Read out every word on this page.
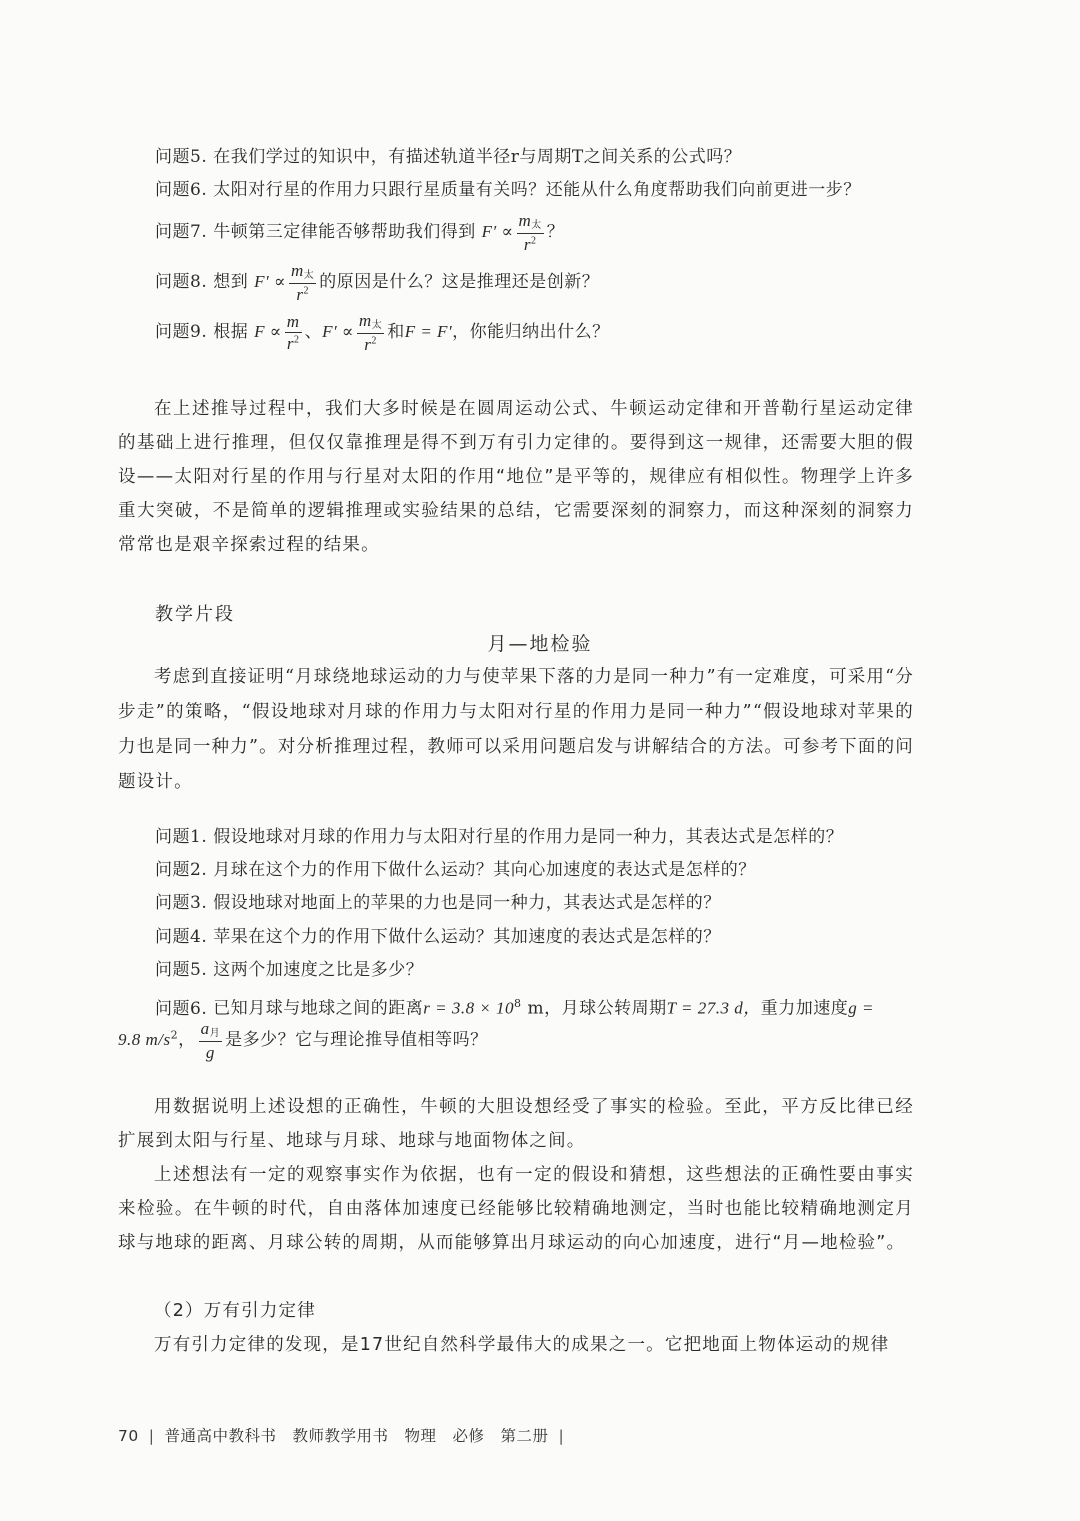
问题5. 在我们学过的知识中，有描述轨道半径r与周期T之间关系的公式吗？
问题6. 太阳对行星的作用力只跟行星质量有关吗？还能从什么角度帮助我们向前更进一步？
问题7. 牛顿第三定律能否够帮助我们得到 $F' \propto \frac{m_太}{r^2}$ ？
问题8. 想到 $F' \propto \frac{m_太}{r^2}$ 的原因是什么？这是推理还是创新？
问题9. 根据 $F \propto \frac{m}{r^2}$ 、$F' \propto \frac{m_太}{r^2}$ 和F = F′，你能归纳出什么？
在上述推导过程中，我们大多时候是在圆周运动公式、牛顿运动定律和开普勒行星运动定律的基础上进行推理，但仅仅靠推理是得不到万有引力定律的。要得到这一规律，还需要大胆的假设——太阳对行星的作用与行星对太阳的作用“地位”是平等的，规律应有相似性。物理学上许多重大突破，不是简单的逻辑推理或实验结果的总结，它需要深刻的洞察力，而这种深刻的洞察力常常也是艰辛探索过程的结果。
教学片段
月—地检验
考虑到直接证明“月球绕地球运动的力与使苹果下落的力是同一种力”有一定难度，可采用“分步走”的策略，“假设地球对月球的作用力与太阳对行星的作用力是同一种力”“假设地球对苹果的力也是同一种力”。对分析推理过程，教师可以采用问题启发与讲解结合的方法。可参考下面的问题设计。
问题1. 假设地球对月球的作用力与太阳对行星的作用力是同一种力，其表达式是怎样的？
问题2. 月球在这个力的作用下做什么运动？其向心加速度的表达式是怎样的？
问题3. 假设地球对地面上的苹果的力也是同一种力，其表达式是怎样的？
问题4. 苹果在这个力的作用下做什么运动？其加速度的表达式是怎样的？
问题5. 这两个加速度之比是多少？
问题6. 已知月球与地球之间的距离$r = 3.8 \times 10^8$ m，月球公转周期T = 27.3 d，重力加速度g =
9.8 $m/s^2$， $\frac{a_月}{g}$ 是多少？它与理论推导值相等吗？
用数据说明上述设想的正确性，牛顿的大胆设想经受了事实的检验。至此，平方反比律已经扩展到太阳与行星、地球与月球、地球与地面物体之间。
上述想法有一定的观察事实作为依据，也有一定的假设和猜想，这些想法的正确性要由事实来检验。在牛顿的时代，自由落体加速度已经能够比较精确地测定，当时也能比较精确地测定月球与地球的距离、月球公转的周期，从而能够算出月球运动的向心加速度，进行“月—地检验”。
（2）万有引力定律
万有引力定律的发现，是17世纪自然科学最伟大的成果之一。它把地面上物体运动的规律
70 | 普通高中教科书　教师教学用书　物理　必修　第二册 |
